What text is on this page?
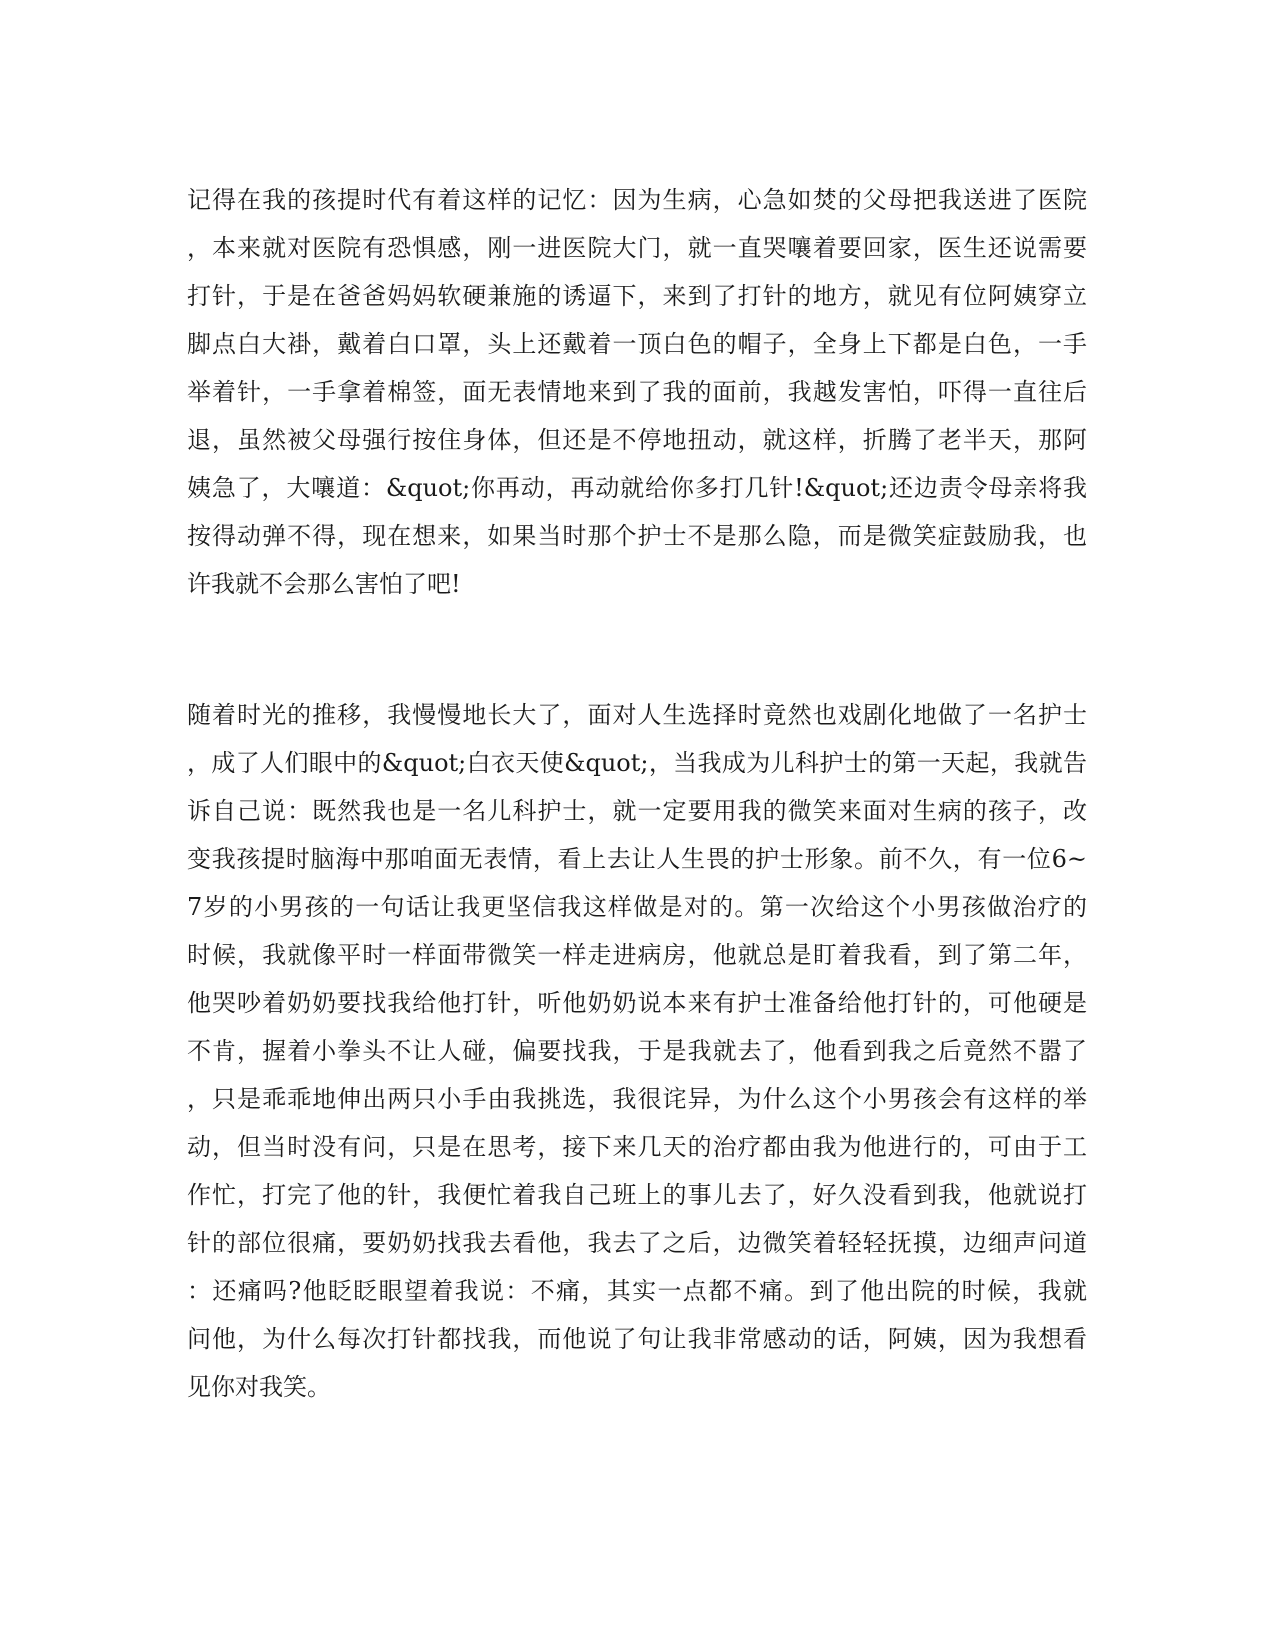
记得在我的孩提时代有着这样的记忆：因为生病，心急如焚的父母把我送进了医院
，本来就对医院有恐惧感，刚一进医院大门，就一直哭嚷着要回家，医生还说需要
打针，于是在爸爸妈妈软硬兼施的诱逼下，来到了打针的地方，就见有位阿姨穿立
脚点白大褂，戴着白口罩，头上还戴着一顶白色的帽子，全身上下都是白色，一手
举着针，一手拿着棉签，面无表情地来到了我的面前，我越发害怕，吓得一直往后
退，虽然被父母强行按住身体，但还是不停地扭动，就这样，折腾了老半天，那阿
姨急了，大嚷道：&quot;你再动，再动就给你多打几针!&quot;还边责令母亲将我
按得动弹不得，现在想来，如果当时那个护士不是那么隐，而是微笑症鼓励我，也
许我就不会那么害怕了吧!
随着时光的推移，我慢慢地长大了，面对人生选择时竟然也戏剧化地做了一名护士
，成了人们眼中的&quot;白衣天使&quot;，当我成为儿科护士的第一天起，我就告
诉自己说：既然我也是一名儿科护士，就一定要用我的微笑来面对生病的孩子，改
变我孩提时脑海中那咱面无表情，看上去让人生畏的护士形象。前不久，有一位6~
7岁的小男孩的一句话让我更坚信我这样做是对的。第一次给这个小男孩做治疗的
时候，我就像平时一样面带微笑一样走进病房，他就总是盯着我看，到了第二年，
他哭吵着奶奶要找我给他打针，听他奶奶说本来有护士准备给他打针的，可他硬是
不肯，握着小拳头不让人碰，偏要找我，于是我就去了，他看到我之后竟然不嚣了
，只是乖乖地伸出两只小手由我挑选，我很诧异，为什么这个小男孩会有这样的举
动，但当时没有问，只是在思考，接下来几天的治疗都由我为他进行的，可由于工
作忙，打完了他的针，我便忙着我自己班上的事儿去了，好久没看到我，他就说打
针的部位很痛，要奶奶找我去看他，我去了之后，边微笑着轻轻抚摸，边细声问道
：还痛吗?他眨眨眼望着我说：不痛，其实一点都不痛。到了他出院的时候，我就
问他，为什么每次打针都找我，而他说了句让我非常感动的话，阿姨，因为我想看
见你对我笑。
